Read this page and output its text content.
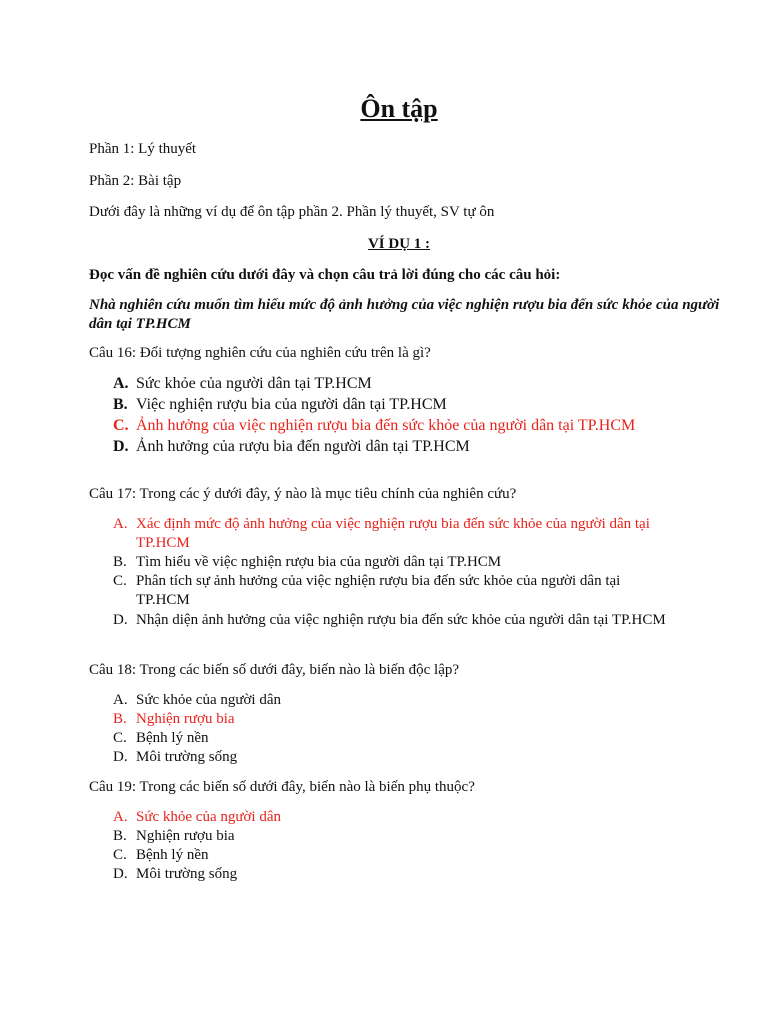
Ôn tập

Phần 1: Lý thuyết

Phần 2: Bài tập

Dưới đây là những ví dụ để ôn tập phần 2. Phần lý thuyết, SV tự ôn

VÍ DỤ 1 :

Đọc vấn đề nghiên cứu dưới đây và chọn câu trả lời đúng cho các câu hỏi:

Nhà nghiên cứu muốn tìm hiểu mức độ ảnh hưởng của việc nghiện rượu bia đến sức khỏe của người dân tại TP.HCM

Câu 16: Đối tượng nghiên cứu của nghiên cứu trên là gì?

A. Sức khỏe của người dân tại TP.HCM
B. Việc nghiện rượu bia của người dân tại TP.HCM
C. Ảnh hưởng của việc nghiện rượu bia đến sức khỏe của người dân tại TP.HCM
D. Ảnh hưởng của rượu bia đến người dân tại TP.HCM

Câu 17: Trong các ý dưới đây, ý nào là mục tiêu chính của nghiên cứu?

A. Xác định mức độ ảnh hưởng của việc nghiện rượu bia đến sức khỏe của người dân tại TP.HCM
B. Tìm hiểu về việc nghiện rượu bia của người dân tại TP.HCM
C. Phân tích sự ảnh hưởng của việc nghiện rượu bia đến sức khỏe của người dân tại TP.HCM
D. Nhận diện ảnh hưởng của việc nghiện rượu bia đến sức khỏe của người dân tại TP.HCM

Câu 18: Trong các biến số dưới đây, biến nào là biến độc lập?

A. Sức khỏe của người dân
B. Nghiện rượu bia
C. Bệnh lý nền
D. Môi trường sống

Câu 19: Trong các biến số dưới đây, biến nào là biến phụ thuộc?

A. Sức khỏe của người dân
B. Nghiện rượu bia
C. Bệnh lý nền
D. Môi trường sống
